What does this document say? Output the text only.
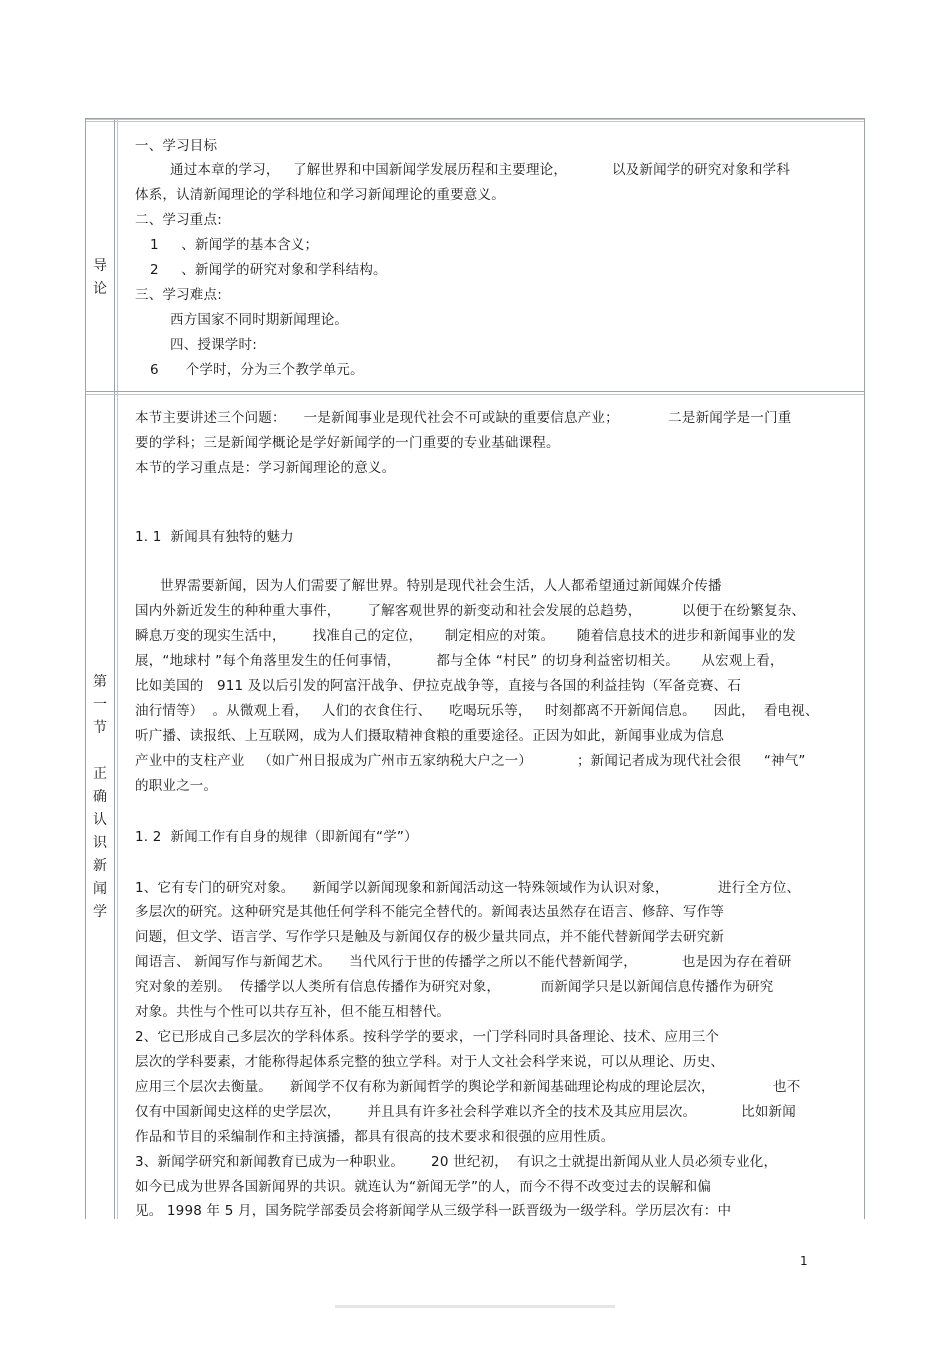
导
论
第
一
节
正
确
认
识
新
闻
学
一、学习目标
通过本章的学习，   了解世界和中国新闻学发展历程和主要理论，          以及新闻学的研究对象和学科
体系，认清新闻理论的学科地位和学习新闻理论的重要意义。
二、学习重点:
1     、新闻学的基本含义；
2     、新闻学的研究对象和学科结构。
三、学习难点:
西方国家不同时期新闻理论。
四、授课学时:
6      个学时，分为三个教学单元。
本节主要讲述三个问题：    一是新闻事业是现代社会不可或缺的重要信息产业；           二是新闻学是一门重
要的学科；三是新闻学概论是学好新闻学的一门重要的专业基础课程。
本节的学习重点是：学习新闻理论的意义。
1. 1  新闻具有独特的魅力
世界需要新闻，因为人们需要了解世界。特别是现代社会生活，人人都希望通过新闻媒介传播
国内外新近发生的种种重大事件，      了解客观世界的新变动和社会发展的总趋势，         以便于在纷繁复杂、
瞬息万变的现实生活中，      找准自己的定位，     制定相应的对策。     随着信息技术的进步和新闻事业的发
展，“地球村 ”每个角落里发生的任何事情，        都与全体 “村民” 的切身利益密切相关。     从宏观上看，
比如美国的   911 及以后引发的阿富汗战争、伊拉克战争等，直接与各国的利益挂钩（军备竞赛、石
油行情等）  。从微观上看，   人们的衣食住行、    吃喝玩乐等，   时刻都离不开新闻信息。    因此，  看电视、
听广播、读报纸、上互联网，成为人们摄取精神食粮的重要途径。正因为如此，新闻事业成为信息
产业中的支柱产业   （如广州日报成为广州市五家纳税大户之一）          ；新闻记者成为现代社会很     “神气”
的职业之一。
1. 2  新闻工作有自身的规律（即新闻有“学”）
1、它有专门的研究对象。    新闻学以新闻现象和新闻活动这一特殊领域作为认识对象，           进行全方位、
多层次的研究。这种研究是其他任何学科不能完全替代的。新闻表达虽然存在语言、修辞、写作等
问题，但文学、语言学、写作学只是触及与新闻仅存的极少量共同点，并不能代替新闻学去研究新
闻语言、 新闻写作与新闻艺术。    当代风行于世的传播学之所以不能代替新闻学，          也是因为存在着研
究对象的差别。  传播学以人类所有信息传播作为研究对象，         而新闻学只是以新闻信息传播作为研究
对象。共性与个性可以共存互补，但不能互相替代。
2、它已形成自己多层次的学科体系。按科学学的要求，一门学科同时具备理论、技术、应用三个
层次的学科要素，才能称得起体系完整的独立学科。对于人文社会科学来说，可以从理论、历史、
应用三个层次去衡量。    新闻学不仅有称为新闻哲学的舆论学和新闻基础理论构成的理论层次，             也不
仅有中国新闻史这样的史学层次，      并且具有许多社会科学难以齐全的技术及其应用层次。          比如新闻
作品和节目的采编制作和主持演播，都具有很高的技术要求和很强的应用性质。
3、新闻学研究和新闻教育已成为一种职业。      20 世纪初，  有识之士就提出新闻从业人员必须专业化，
如今已成为世界各国新闻界的共识。就连认为“新闻无学”的人，而今不得不改变过去的误解和偏
见。 1998 年 5 月，国务院学部委员会将新闻学从三级学科一跃晋级为一级学科。学历层次有：中
1
